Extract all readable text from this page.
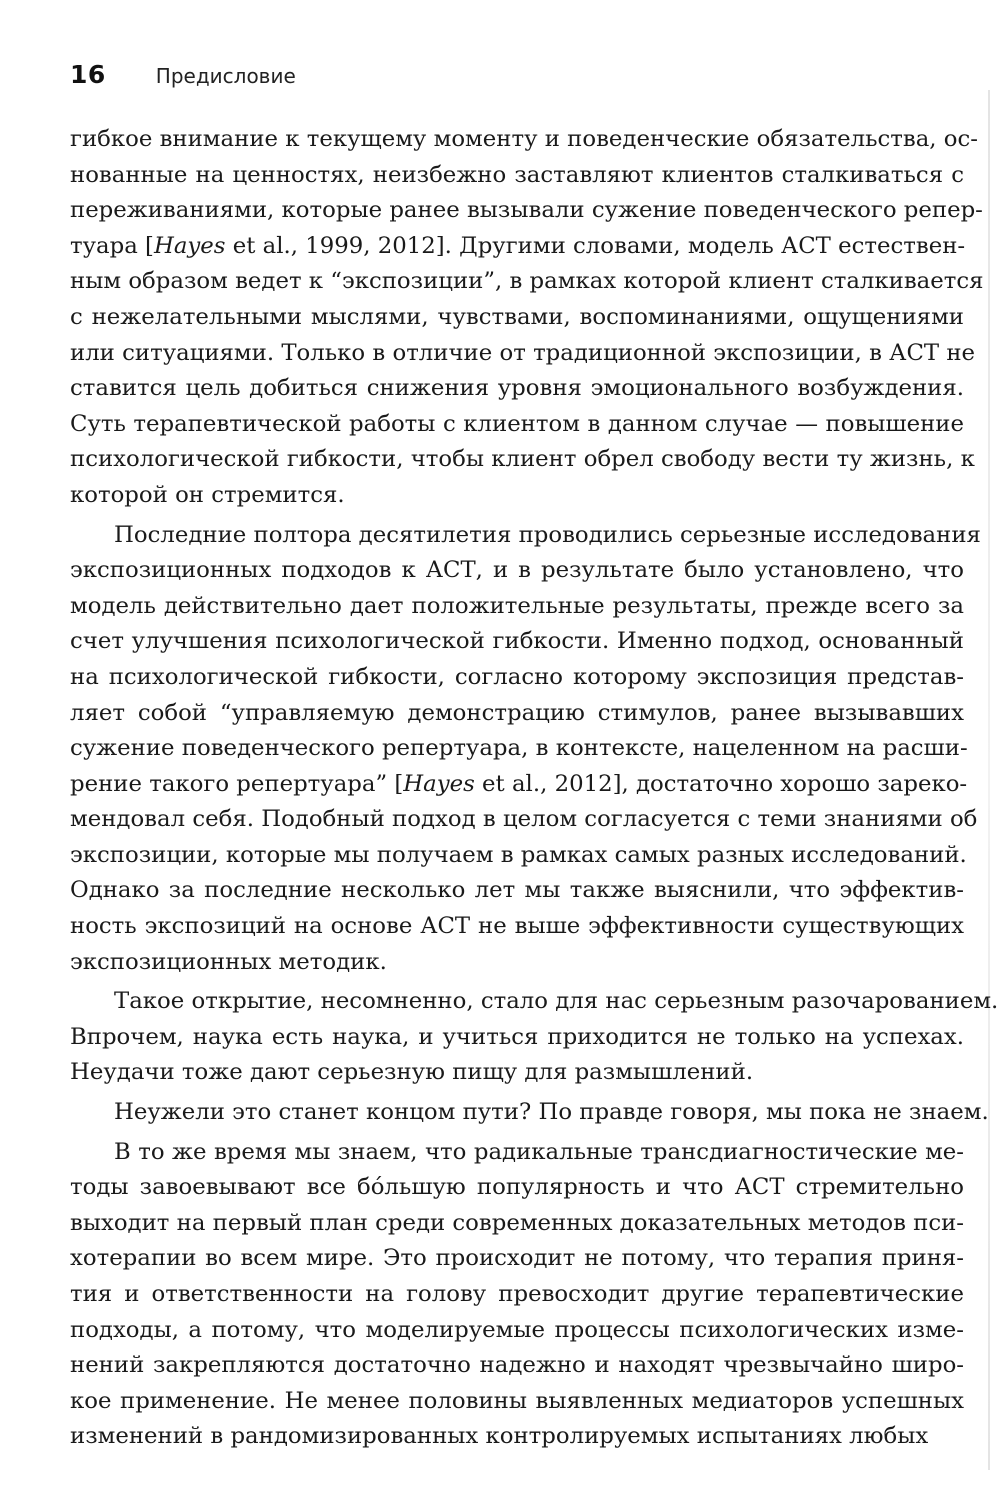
16	Предисловие

гибкое внимание к текущему моменту и поведенческие обязательства, ос-
нованные на ценностях, неизбежно заставляют клиентов сталкиваться с
переживаниями, которые ранее вызывали сужение поведенческого репер-
туара [Hayes et al., 1999, 2012]. Другими словами, модель АСТ естествен-
ным образом ведет к “экспозиции”, в рамках которой клиент сталкивается
с нежелательными мыслями, чувствами, воспоминаниями, ощущениями
или ситуациями. Только в отличие от традиционной экспозиции, в АСТ не
ставится цель добиться снижения уровня эмоционального возбуждения.
Суть терапевтической работы с клиентом в данном случае — повышение
психологической гибкости, чтобы клиент обрел свободу вести ту жизнь, к
которой он стремится.

Последние полтора десятилетия проводились серьезные исследования
экспозиционных подходов к АСТ, и в результате было установлено, что
модель действительно дает положительные результаты, прежде всего за
счет улучшения психологической гибкости. Именно подход, основанный
на психологической гибкости, согласно которому экспозиция представ-
ляет собой “управляемую демонстрацию стимулов, ранее вызывавших
сужение поведенческого репертуара, в контексте, нацеленном на расши-
рение такого репертуара” [Hayes et al., 2012], достаточно хорошо зареко-
мендовал себя. Подобный подход в целом согласуется с теми знаниями об
экспозиции, которые мы получаем в рамках самых разных исследований.
Однако за последние несколько лет мы также выяснили, что эффектив-
ность экспозиций на основе АСТ не выше эффективности существующих
экспозиционных методик.

Такое открытие, несомненно, стало для нас серьезным разочарованием.
Впрочем, наука есть наука, и учиться приходится не только на успехах.
Неудачи тоже дают серьезную пищу для размышлений.

Неужели это станет концом пути? По правде говоря, мы пока не знаем.

В то же время мы знаем, что радикальные трансдиагностические ме-
тоды завоевывают все бóльшую популярность и что АСТ стремительно
выходит на первый план среди современных доказательных методов пси-
хотерапии во всем мире. Это происходит не потому, что терапия приня-
тия и ответственности на голову превосходит другие терапевтические
подходы, а потому, что моделируемые процессы психологических изме-
нений закрепляются достаточно надежно и находят чрезвычайно широ-
кое применение. Не менее половины выявленных медиаторов успешных
изменений в рандомизированных контролируемых испытаниях любых
